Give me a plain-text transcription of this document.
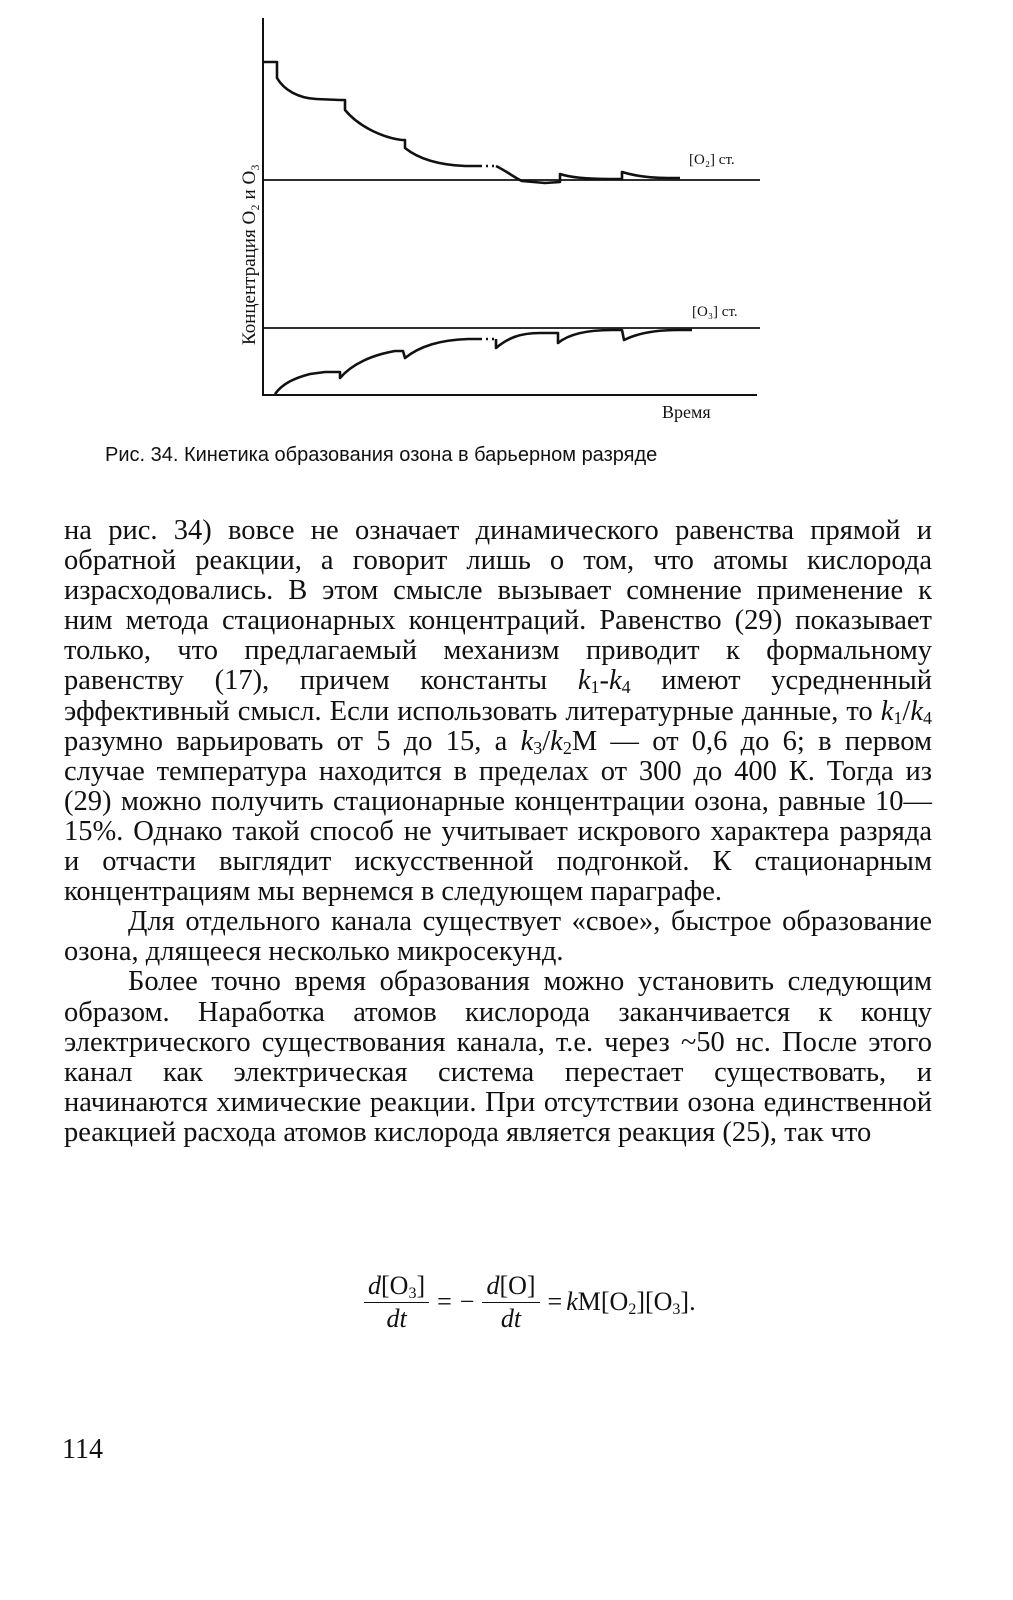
Концентрация O₂ и O₃
[O₂] ст.
[O₃] ст.
Время
Рис. 34. Кинетика образования озона в барьерном разряде

на рис. 34) вовсе не означает динамического равенства прямой и обратной реакции, а говорит лишь о том, что атомы кислорода израсходовались. В этом смысле вызывает сомнение применение к ним метода стационарных концентраций. Равенство (29) показывает только, что предлагаемый механизм приводит к формальному равенству (17), причем константы $k_1-k_4$ имеют усредненный эффективный смысл. Если использовать литературные данные, то $k_1/k_4$ разумно варьировать от 5 до 15, а $k_3/k_2М$ — от 0,6 до 6; в первом случае температура находится в пределах от 300 до 400 К. Тогда из (29) можно получить стационарные концентрации озона, равные 10—15%. Однако такой способ не учитывает искрового характера разряда и отчасти выглядит искусственной подгонкой. К стационарным концентрациям мы вернемся в следующем параграфе.

Для отдельного канала существует «свое», быстрое образование озона, длящееся несколько микросекунд.

Более точно время образования можно установить следующим образом. Наработка атомов кислорода заканчивается к концу электрического существования канала, т.е. через ~50 нс. После этого канал как электрическая система перестает существовать, и начинаются химические реакции. При отсутствии озона единственной реакцией расхода атомов кислорода является реакция (25), так что

$\frac{d[O_3]}{dt}$ = − $\frac{d[O]}{dt} = kM[O_2][O_3]$.
114
